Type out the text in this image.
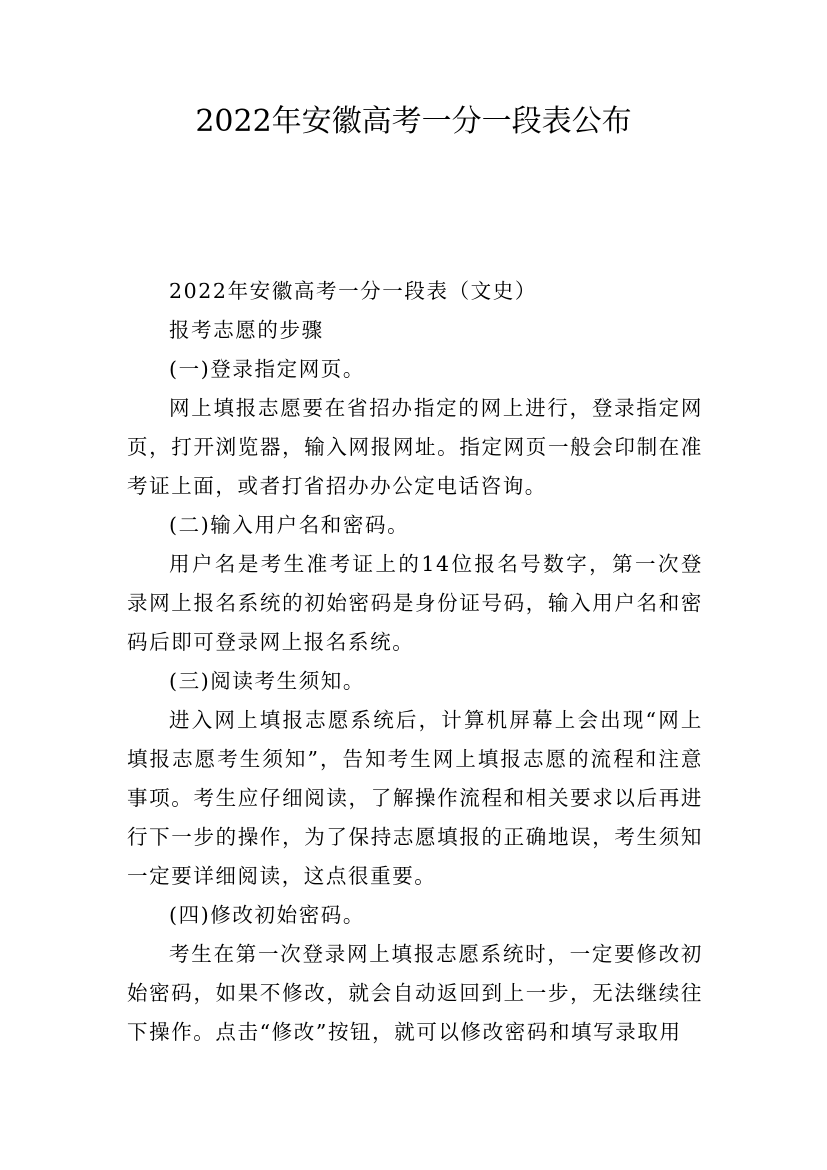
2022年安徽高考一分一段表公布

2022年安徽高考一分一段表（文史）

报考志愿的步骤

(一)登录指定网页。

网上填报志愿要在省招办指定的网上进行，登录指定网页，打开浏览器，输入网报网址。指定网页一般会印制在准考证上面，或者打省招办办公定电话咨询。

(二)输入用户名和密码。

用户名是考生准考证上的14位报名号数字，第一次登录网上报名系统的初始密码是身份证号码，输入用户名和密码后即可登录网上报名系统。

(三)阅读考生须知。

进入网上填报志愿系统后，计算机屏幕上会出现“网上填报志愿考生须知”，告知考生网上填报志愿的流程和注意事项。考生应仔细阅读，了解操作流程和相关要求以后再进行下一步的操作，为了保持志愿填报的正确地误，考生须知一定要详细阅读，这点很重要。

(四)修改初始密码。

考生在第一次登录网上填报志愿系统时，一定要修改初始密码，如果不修改，就会自动返回到上一步，无法继续往下操作。点击“修改”按钮，就可以修改密码和填写录取用
